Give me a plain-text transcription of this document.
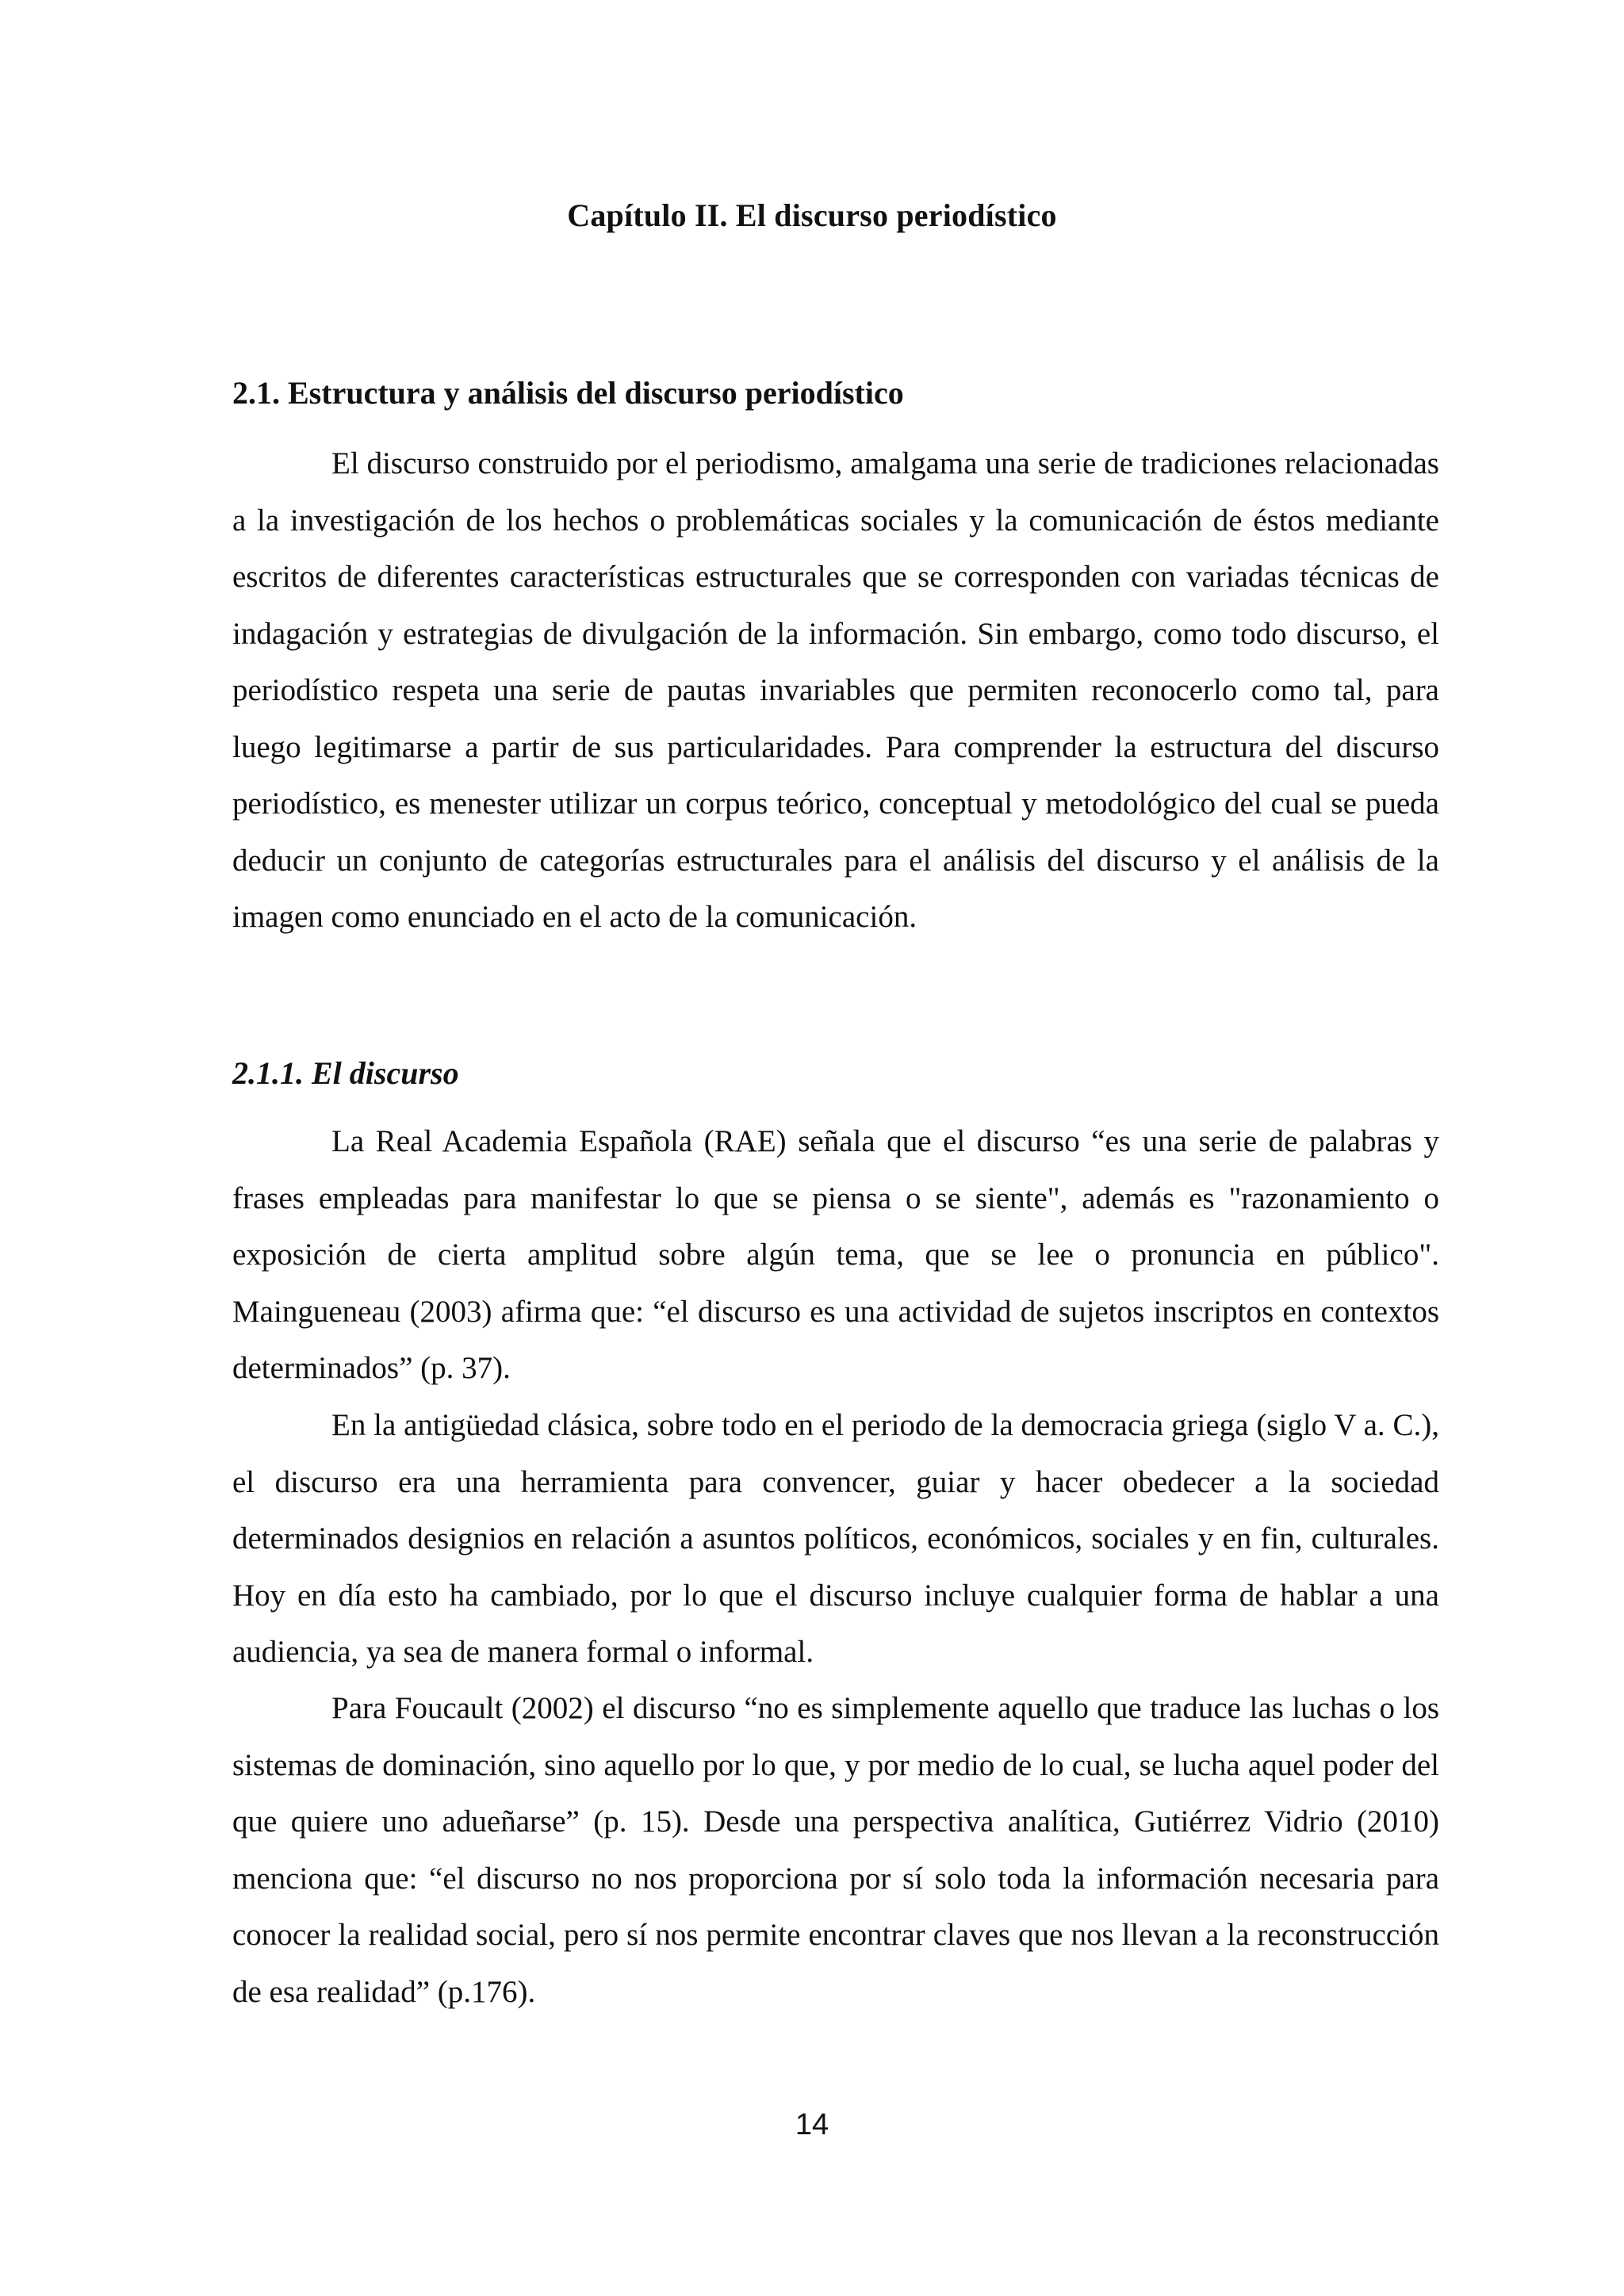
Capítulo II. El discurso periodístico
2.1. Estructura y análisis del discurso periodístico

El discurso construido por el periodismo, amalgama una serie de tradiciones relacionadas a la investigación de los hechos o problemáticas sociales y la comunicación de éstos mediante escritos de diferentes características estructurales que se corresponden con variadas técnicas de indagación y estrategias de divulgación de la información. Sin embargo, como todo discurso, el periodístico respeta una serie de pautas invariables que permiten reconocerlo como tal, para luego legitimarse a partir de sus particularidades. Para comprender la estructura del discurso periodístico, es menester utilizar un corpus teórico, conceptual y metodológico del cual se pueda deducir un conjunto de categorías estructurales para el análisis del discurso y el análisis de la imagen como enunciado en el acto de la comunicación.

2.1.1. El discurso

La Real Academia Española (RAE) señala que el discurso “es una serie de palabras y frases empleadas para manifestar lo que se piensa o se siente", además es "razonamiento o exposición de cierta amplitud sobre algún tema, que se lee o pronuncia en público". Maingueneau (2003) afirma que: “el discurso es una actividad de sujetos inscriptos en contextos determinados” (p. 37).

En la antigüedad clásica, sobre todo en el periodo de la democracia griega (siglo V a. C.), el discurso era una herramienta para convencer, guiar y hacer obedecer a la sociedad determinados designios en relación a asuntos políticos, económicos, sociales y en fin, culturales. Hoy en día esto ha cambiado, por lo que el discurso incluye cualquier forma de hablar a una audiencia, ya sea de manera formal o informal.

Para Foucault (2002) el discurso “no es simplemente aquello que traduce las luchas o los sistemas de dominación, sino aquello por lo que, y por medio de lo cual, se lucha aquel poder del que quiere uno adueñarse” (p. 15). Desde una perspectiva analítica, Gutiérrez Vidrio (2010) menciona que: “el discurso no nos proporciona por sí solo toda la información necesaria para conocer la realidad social, pero sí nos permite encontrar claves que nos llevan a la reconstrucción de esa realidad” (p.176).

14
